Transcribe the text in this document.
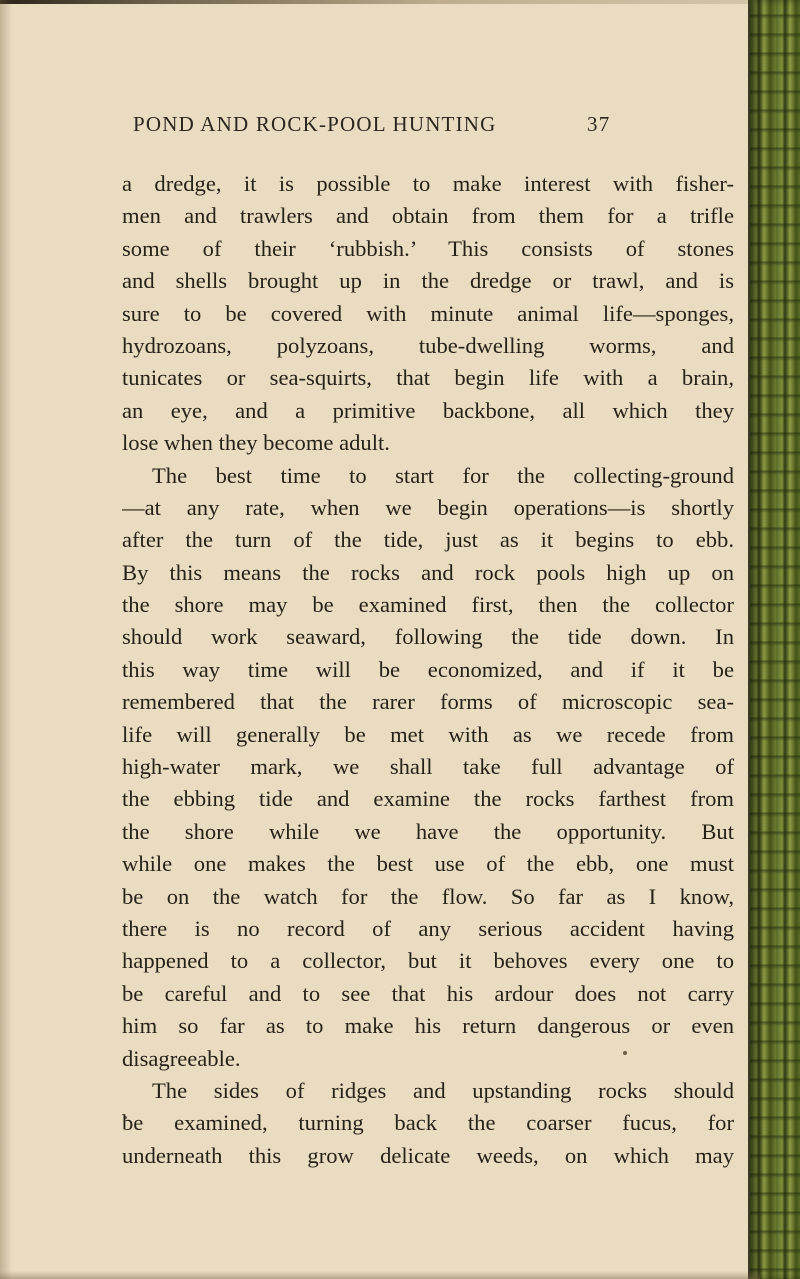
POND AND ROCK-POOL HUNTING	37
a dredge, it is possible to make interest with fisher-
men and trawlers and obtain from them for a trifle
some of their ‘rubbish.’ This consists of stones
and shells brought up in the dredge or trawl, and is
sure to be covered with minute animal life—sponges,
hydrozoans, polyzoans, tube-dwelling worms, and
tunicates or sea-squirts, that begin life with a brain,
an eye, and a primitive backbone, all which they
lose when they become adult.
The best time to start for the collecting-ground
—at any rate, when we begin operations—is shortly
after the turn of the tide, just as it begins to ebb.
By this means the rocks and rock pools high up on
the shore may be examined first, then the collector
should work seaward, following the tide down. In
this way time will be economized, and if it be
remembered that the rarer forms of microscopic sea-
life will generally be met with as we recede from
high-water mark, we shall take full advantage of
the ebbing tide and examine the rocks farthest from
the shore while we have the opportunity. But
while one makes the best use of the ebb, one must
be on the watch for the flow. So far as I know,
there is no record of any serious accident having
happened to a collector, but it behoves every one to
be careful and to see that his ardour does not carry
him so far as to make his return dangerous or even
disagreeable.
The sides of ridges and upstanding rocks should
be examined, turning back the coarser fucus, for
underneath this grow delicate weeds, on which may
